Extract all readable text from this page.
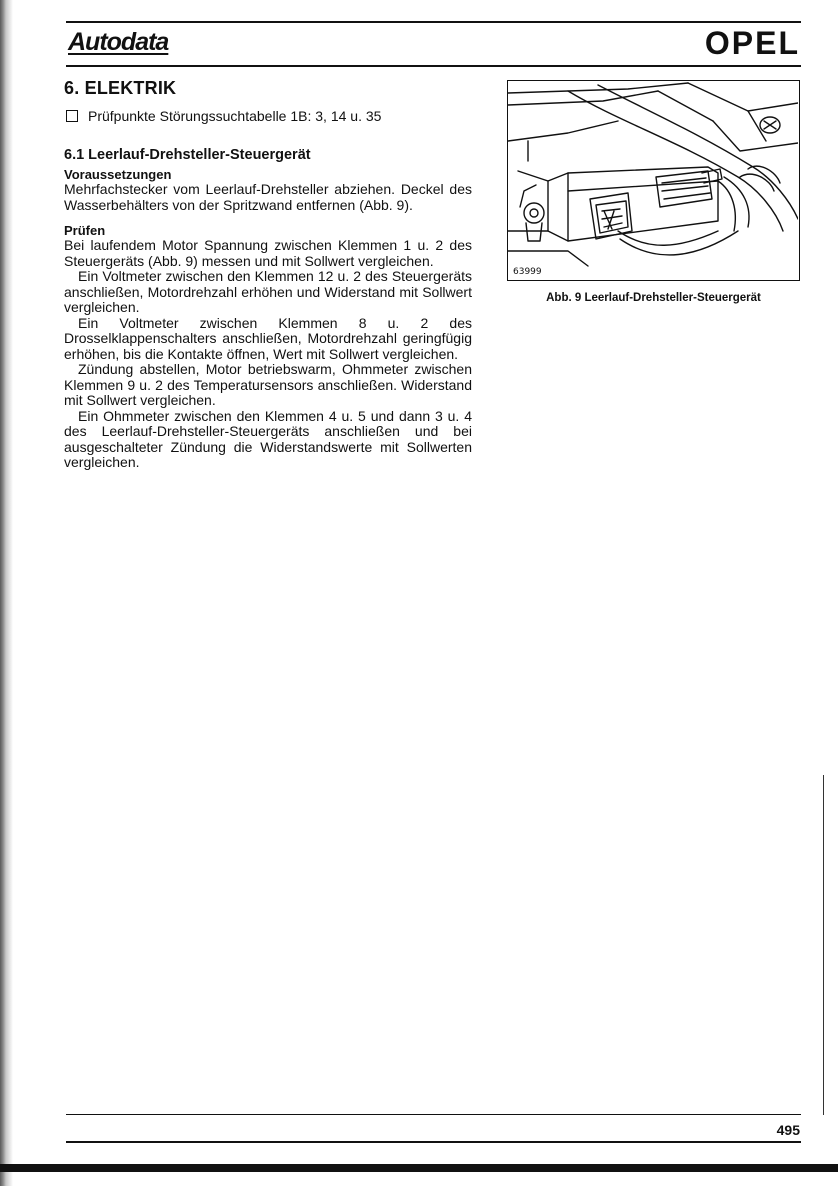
Autodata	OPEL
6. ELEKTRIK
Prüfpunkte Störungssuchtabelle 1B: 3, 14 u. 35
6.1 Leerlauf-Drehsteller-Steuergerät
Voraussetzungen

Mehrfachstecker vom Leerlauf-Drehsteller abziehen. Deckel des Wasserbehälters von der Spritzwand entfernen (Abb. 9).

Prüfen

Bei laufendem Motor Spannung zwischen Klemmen 1 u. 2 des Steuergeräts (Abb. 9) messen und mit Sollwert vergleichen.

Ein Voltmeter zwischen den Klemmen 12 u. 2 des Steuergeräts anschließen, Motordrehzahl erhöhen und Widerstand mit Sollwert vergleichen.

Ein Voltmeter zwischen Klemmen 8 u. 2 des Drosselklappenschalters anschließen, Motordrehzahl geringfügig erhöhen, bis die Kontakte öffnen, Wert mit Sollwert vergleichen.

Zündung abstellen, Motor betriebswarm, Ohmmeter zwischen Klemmen 9 u. 2 des Temperatursensors anschließen. Widerstand mit Sollwert vergleichen.

Ein Ohmmeter zwischen den Klemmen 4 u. 5 und dann 3 u. 4 des Leerlauf-Drehsteller-Steuergeräts anschließen und bei ausgeschalteter Zündung die Widerstandswerte mit Sollwerten vergleichen.

63999
Abb. 9 Leerlauf-Drehsteller-Steuergerät
495
